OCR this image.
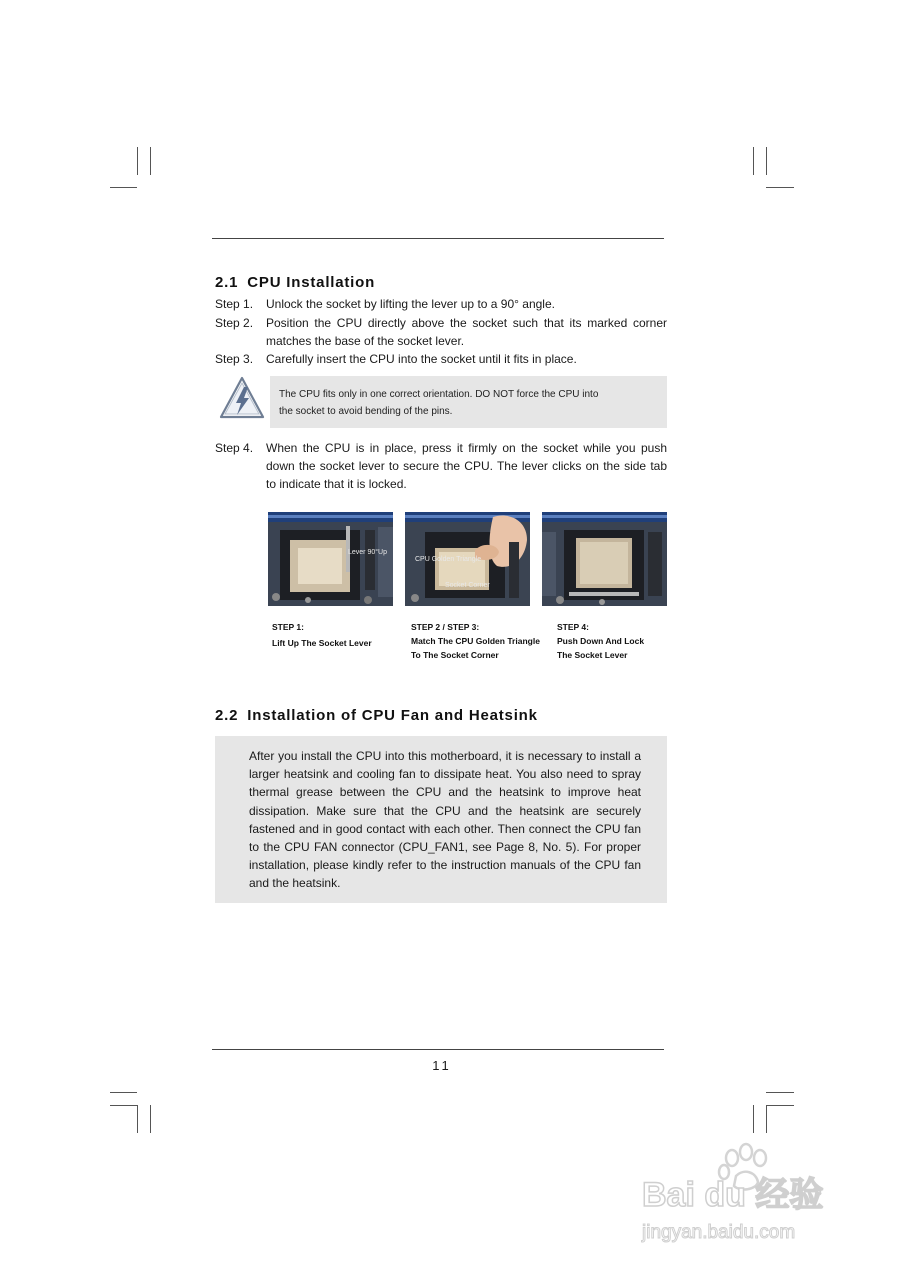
2.1 CPU Installation
Step 1.	Unlock the socket by lifting the lever up to a 90° angle.
Step 2.	Position the CPU directly above the socket such that its marked corner matches the base of the socket lever.
Step 3.	Carefully insert the CPU into the socket until it fits in place.

The CPU fits only in one correct orientation. DO NOT force the CPU into the socket to avoid bending of the pins.

Step 4.	When the CPU is in place, press it firmly on the socket while you push down the socket lever to secure the CPU. The lever clicks on the side tab to indicate that it is locked.
Lever 90°Up
CPU Golden Triangle
Socket Corner
STEP 1:
Lift Up The Socket Lever
STEP 2 / STEP 3:
Match The CPU Golden Triangle
To The Socket Corner
STEP 4:
Push Down And Lock
The Socket Lever
2.2 Installation of CPU Fan and Heatsink

After you install the CPU into this motherboard, it is necessary to install a larger heatsink and cooling fan to dissipate heat. You also need to spray thermal grease between the CPU and the heatsink to improve heat dissipation. Make sure that the CPU and the heatsink are securely fastened and in good contact with each other. Then connect the CPU fan to the CPU FAN connector (CPU_FAN1, see Page 8, No. 5). For proper installation, please kindly refer to the instruction manuals of the CPU fan and the heatsink.

11
Bai du 经验
jingyan.baidu.com
